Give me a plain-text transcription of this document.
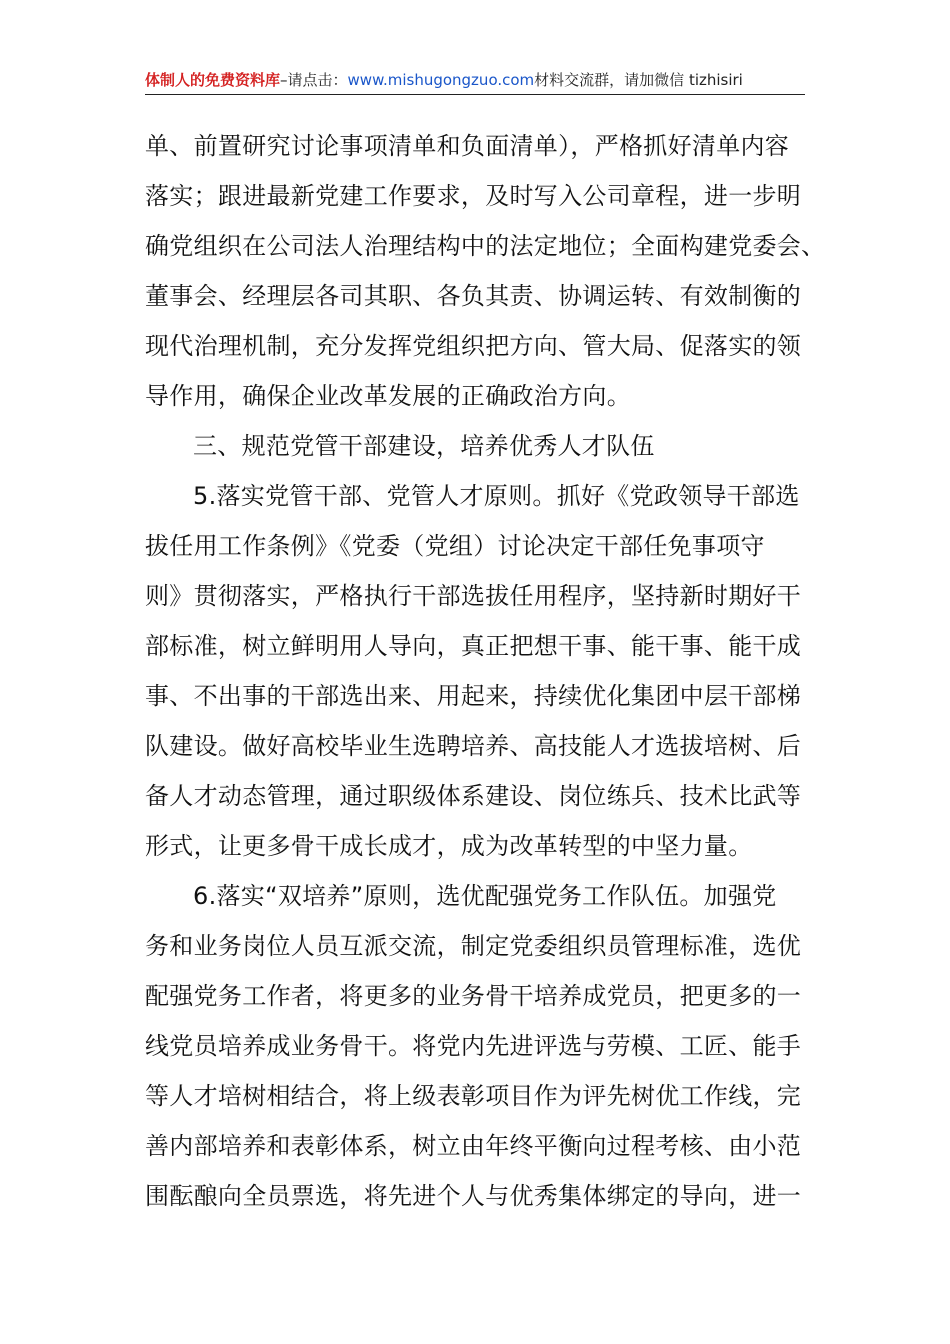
体制人的免费资料库–请点击：www.mishugongzuo.com材料交流群，请加微信 tizhisiri
单、前置研究讨论事项清单和负面清单），严格抓好清单内容
落实；跟进最新党建工作要求，及时写入公司章程，进一步明
确党组织在公司法人治理结构中的法定地位；全面构建党委会、
董事会、经理层各司其职、各负其责、协调运转、有效制衡的
现代治理机制，充分发挥党组织把方向、管大局、促落实的领
导作用，确保企业改革发展的正确政治方向。
三、规范党管干部建设，培养优秀人才队伍
5.落实党管干部、党管人才原则。抓好《党政领导干部选
拔任用工作条例》《党委（党组）讨论决定干部任免事项守
则》贯彻落实，严格执行干部选拔任用程序，坚持新时期好干
部标准，树立鲜明用人导向，真正把想干事、能干事、能干成
事、不出事的干部选出来、用起来，持续优化集团中层干部梯
队建设。做好高校毕业生选聘培养、高技能人才选拔培树、后
备人才动态管理，通过职级体系建设、岗位练兵、技术比武等
形式，让更多骨干成长成才，成为改革转型的中坚力量。
6.落实“双培养”原则，选优配强党务工作队伍。加强党
务和业务岗位人员互派交流，制定党委组织员管理标准，选优
配强党务工作者，将更多的业务骨干培养成党员，把更多的一
线党员培养成业务骨干。将党内先进评选与劳模、工匠、能手
等人才培树相结合，将上级表彰项目作为评先树优工作线，完
善内部培养和表彰体系，树立由年终平衡向过程考核、由小范
围酝酿向全员票选，将先进个人与优秀集体绑定的导向，进一
